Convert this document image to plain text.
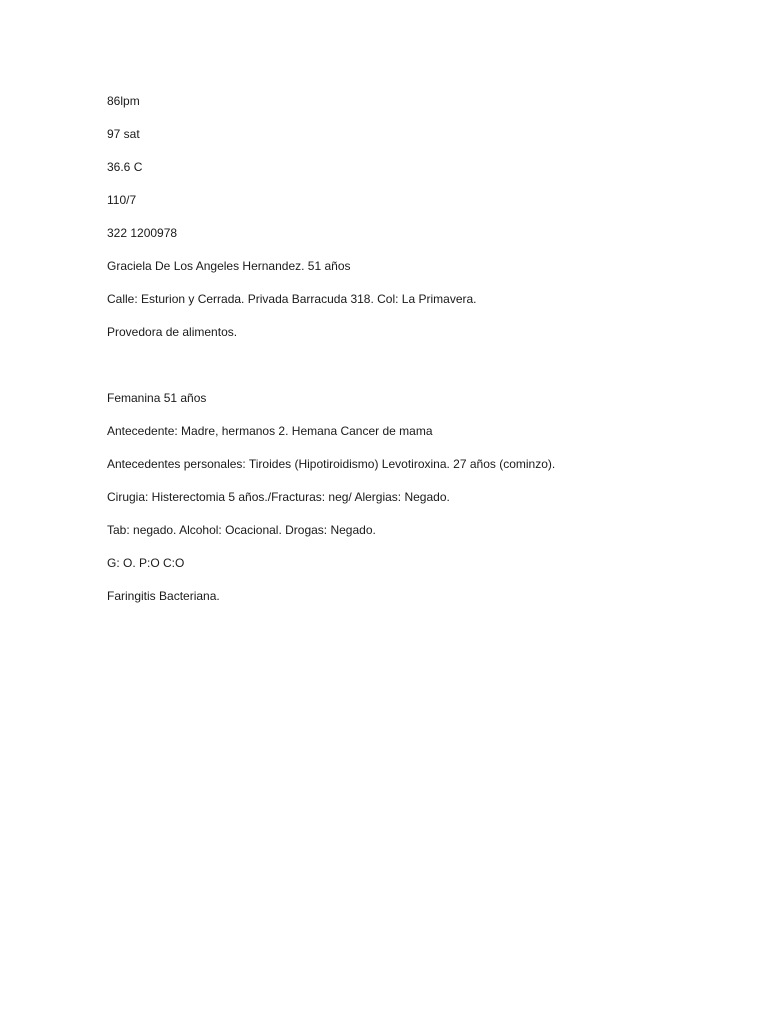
86lpm
97 sat
36.6 C
110/7
322 1200978
Graciela De Los Angeles Hernandez. 51 años
Calle: Esturion y Cerrada. Privada Barracuda 318. Col: La Primavera.
Provedora de alimentos.
Femanina 51 años
Antecedente: Madre, hermanos 2. Hemana Cancer de mama
Antecedentes personales: Tiroides (Hipotiroidismo) Levotiroxina. 27 años (cominzo).
Cirugia: Histerectomia 5 años./Fracturas: neg/ Alergias: Negado.
Tab: negado. Alcohol: Ocacional. Drogas: Negado.
G: O. P:O C:O
Faringitis Bacteriana.
